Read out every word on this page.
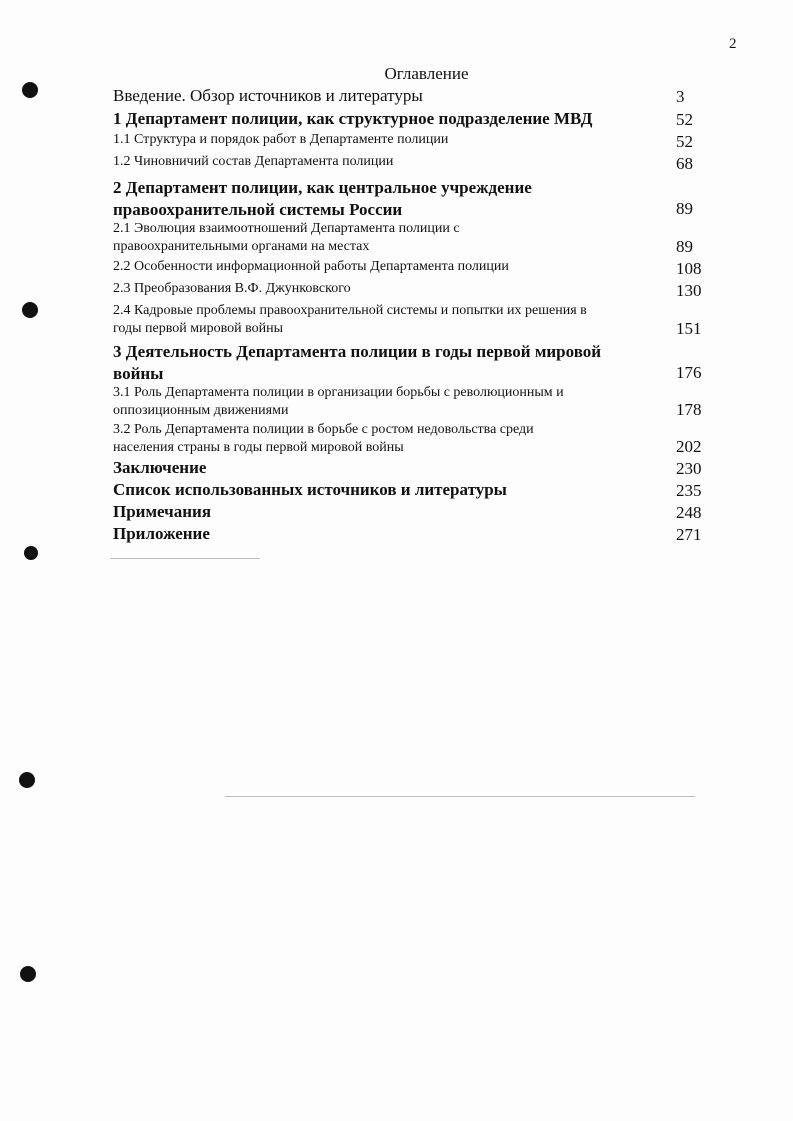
2
Оглавление
Введение. Обзор источников и литературы	3
1 Департамент полиции, как структурное подразделение МВД	52
1.1 Структура и порядок работ в Департаменте полиции	52
1.2 Чиновничий состав Департамента полиции	68
2 Департамент полиции, как центральное учреждение
правоохранительной системы России	89
2.1 Эволюция взаимоотношений Департамента полиции с
правоохранительными органами на местах	89
2.2 Особенности информационной работы Департамента полиции	108
2.3 Преобразования В.Ф. Джунковского	130
2.4 Кадровые проблемы правоохранительной системы и попытки их решения в
годы первой мировой войны	151
3 Деятельность Департамента полиции в годы первой мировой
войны	176
3.1 Роль Департамента полиции в организации борьбы с революционным и
оппозиционным движениями	178
3.2 Роль Департамента полиции в борьбе с ростом недовольства среди
населения страны в годы первой мировой войны	202
Заключение	230
Список использованных источников и литературы	235
Примечания	248
Приложение	271
